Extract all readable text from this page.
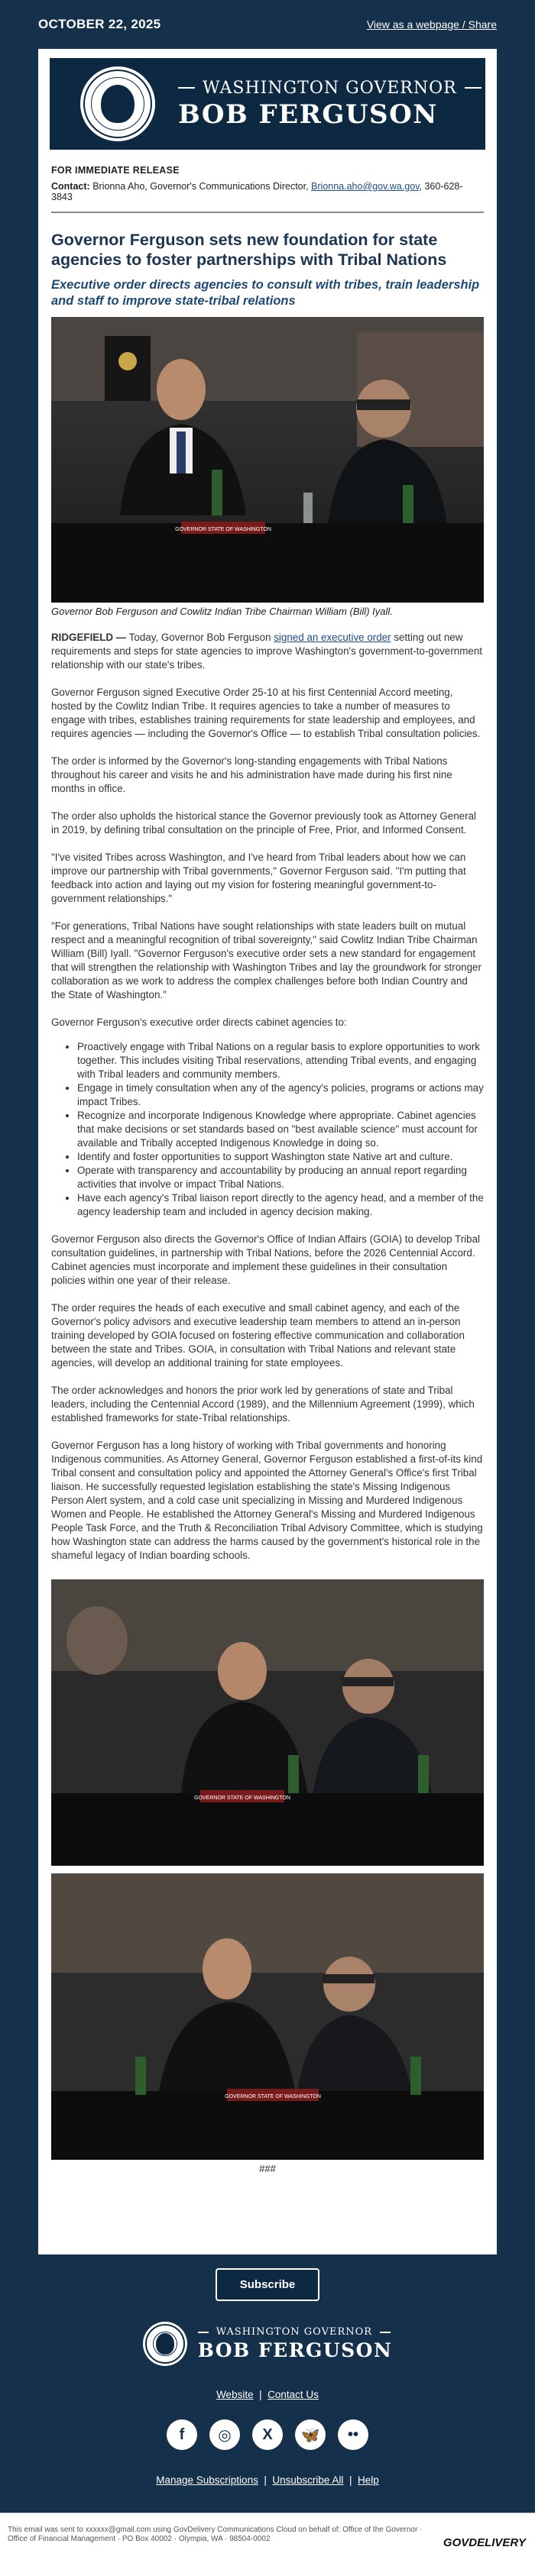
OCTOBER 22, 2025	View as a webpage / Share
WASHINGTON GOVERNOR
BOB FERGUSON
FOR IMMEDIATE RELEASE
Contact: Brionna Aho, Governor's Communications Director, Brionna.aho@gov.wa.gov, 360-628-3843
Governor Ferguson sets new foundation for state agencies to foster partnerships with Tribal Nations
Executive order directs agencies to consult with tribes, train leadership and staff to improve state-tribal relations
GOVERNOR STATE OF WASHINGTON
Governor Bob Ferguson and Cowlitz Indian Tribe Chairman William (Bill) Iyall.

RIDGEFIELD — Today, Governor Bob Ferguson signed an executive order setting out new requirements and steps for state agencies to improve Washington's government-to-government relationship with our state's tribes.

Governor Ferguson signed Executive Order 25-10 at his first Centennial Accord meeting, hosted by the Cowlitz Indian Tribe. It requires agencies to take a number of measures to engage with tribes, establishes training requirements for state leadership and employees, and requires agencies — including the Governor's Office — to establish Tribal consultation policies.

The order is informed by the Governor's long-standing engagements with Tribal Nations throughout his career and visits he and his administration have made during his first nine months in office.

The order also upholds the historical stance the Governor previously took as Attorney General in 2019, by defining tribal consultation on the principle of Free, Prior, and Informed Consent.

"I've visited Tribes across Washington, and I've heard from Tribal leaders about how we can improve our partnership with Tribal governments," Governor Ferguson said. "I'm putting that feedback into action and laying out my vision for fostering meaningful government-to-government relationships."

"For generations, Tribal Nations have sought relationships with state leaders built on mutual respect and a meaningful recognition of tribal sovereignty," said Cowlitz Indian Tribe Chairman William (Bill) Iyall. "Governor Ferguson's executive order sets a new standard for engagement that will strengthen the relationship with Washington Tribes and lay the groundwork for stronger collaboration as we work to address the complex challenges before both Indian Country and the State of Washington."

Governor Ferguson's executive order directs cabinet agencies to:

• Proactively engage with Tribal Nations on a regular basis to explore opportunities to work together. This includes visiting Tribal reservations, attending Tribal events, and engaging with Tribal leaders and community members.
• Engage in timely consultation when any of the agency's policies, programs or actions may impact Tribes.
• Recognize and incorporate Indigenous Knowledge where appropriate. Cabinet agencies that make decisions or set standards based on "best available science" must account for available and Tribally accepted Indigenous Knowledge in doing so.
• Identify and foster opportunities to support Washington state Native art and culture.
• Operate with transparency and accountability by producing an annual report regarding activities that involve or impact Tribal Nations.
• Have each agency's Tribal liaison report directly to the agency head, and a member of the agency leadership team and included in agency decision making.

Governor Ferguson also directs the Governor's Office of Indian Affairs (GOIA) to develop Tribal consultation guidelines, in partnership with Tribal Nations, before the 2026 Centennial Accord. Cabinet agencies must incorporate and implement these guidelines in their consultation policies within one year of their release.

The order requires the heads of each executive and small cabinet agency, and each of the Governor's policy advisors and executive leadership team members to attend an in-person training developed by GOIA focused on fostering effective communication and collaboration between the state and Tribes. GOIA, in consultation with Tribal Nations and relevant state agencies, will develop an additional training for state employees.

The order acknowledges and honors the prior work led by generations of state and Tribal leaders, including the Centennial Accord (1989), and the Millennium Agreement (1999), which established frameworks for state-Tribal relationships.

Governor Ferguson has a long history of working with Tribal governments and honoring Indigenous communities. As Attorney General, Governor Ferguson established a first-of-its kind Tribal consent and consultation policy and appointed the Attorney General's Office's first Tribal liaison. He successfully requested legislation establishing the state's Missing Indigenous Person Alert system, and a cold case unit specializing in Missing and Murdered Indigenous Women and People. He established the Attorney General's Missing and Murdered Indigenous People Task Force, and the Truth & Reconciliation Tribal Advisory Committee, which is studying how Washington state can address the harms caused by the government's historical role in the shameful legacy of Indian boarding schools.

GOVERNOR STATE OF WASHINGTON
GOVERNOR STATE OF WASHINGTON
###
Subscribe
WASHINGTON GOVERNOR
BOB FERGUSON
Website | Contact Us
f	◎	X	🦋	••
Manage Subscriptions | Unsubscribe All | Help
This email was sent to xxxxxx@gmail.com using GovDelivery Communications Cloud on behalf of: Office of the Governor · Office of Financial Management · PO Box 40002 · Olympia, WA · 98504-0002	GOVDELIVERY
